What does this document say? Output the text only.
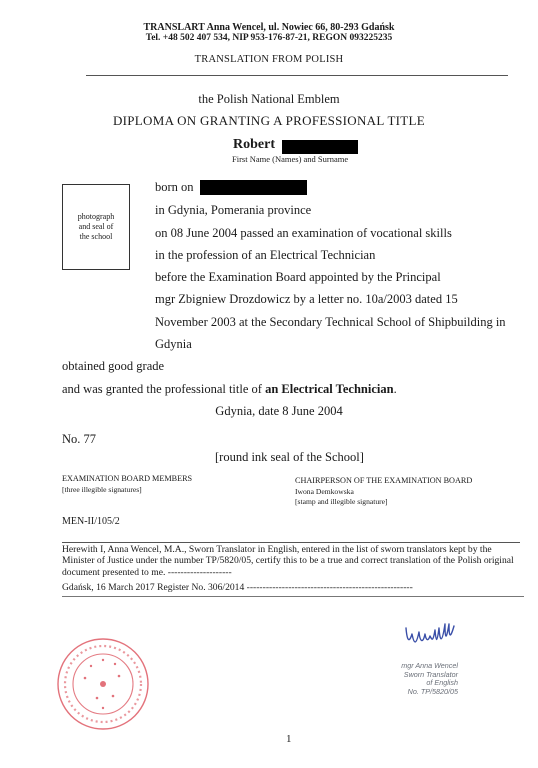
TRANSLART Anna Wencel, ul. Nowiec 66, 80-293 Gdańsk
Tel. +48 502 407 534, NIP 953-176-87-21, REGON 093225235
TRANSLATION FROM POLISH
the Polish National Emblem
DIPLOMA ON GRANTING A PROFESSIONAL TITLE
Robert
First Name (Names) and Surname
photograph
and seal of
the school
born on
in Gdynia, Pomerania province
on 08 June 2004 passed an examination of vocational skills
in the profession of an Electrical Technician
before the Examination Board appointed by the Principal
mgr Zbigniew Drozdowicz by a letter no. 10a/2003 dated 15
November 2003 at the Secondary Technical School of Shipbuilding in
Gdynia
obtained good grade
and was granted the professional title of an Electrical Technician.
Gdynia, date 8 June 2004
No. 77
[round ink seal of the School]
EXAMINATION BOARD MEMBERS
[three illegible signatures]
CHAIRPERSON OF THE EXAMINATION BOARD
Iwona Demkowska
[stamp and illegible signature]
MEN-II/105/2
Herewith I, Anna Wencel, M.A., Sworn Translator in English, entered in the list of sworn translators kept by the Minister of Justice under the number TP/5820/05, certify this to be a true and correct translation of the Polish original document presented to me. --------------------
Gdańsk, 16 March 2017 Register No. 306/2014 ----------------------------------------------------
mgr Anna Wencel
Sworn Translator
of English
No. TP/5820/05
1
